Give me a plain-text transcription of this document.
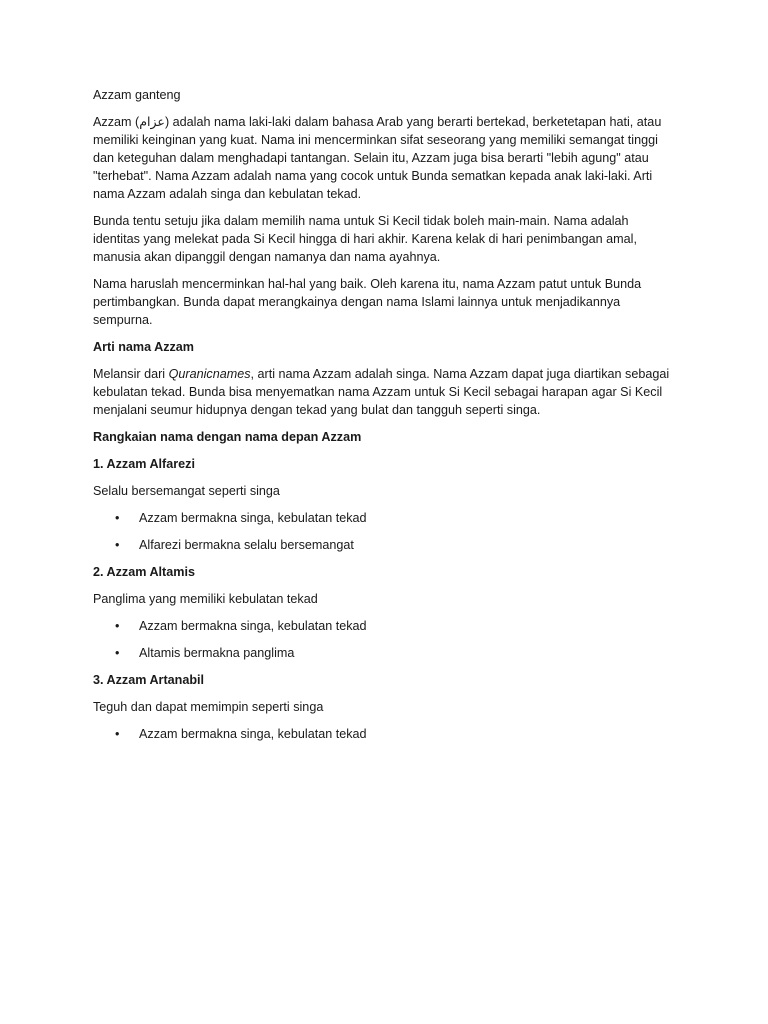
Azzam ganteng

Azzam (عزام) adalah nama laki-laki dalam bahasa Arab yang berarti bertekad, berketetapan hati, atau memiliki keinginan yang kuat. Nama ini mencerminkan sifat seseorang yang memiliki semangat tinggi dan keteguhan dalam menghadapi tantangan. Selain itu, Azzam juga bisa berarti "lebih agung" atau "terhebat". Nama Azzam adalah nama yang cocok untuk Bunda sematkan kepada anak laki-laki. Arti nama Azzam adalah singa dan kebulatan tekad.

Bunda tentu setuju jika dalam memilih nama untuk Si Kecil tidak boleh main-main. Nama adalah identitas yang melekat pada Si Kecil hingga di hari akhir. Karena kelak di hari penimbangan amal, manusia akan dipanggil dengan namanya dan nama ayahnya.

Nama haruslah mencerminkan hal-hal yang baik. Oleh karena itu, nama Azzam patut untuk Bunda pertimbangkan. Bunda dapat merangkainya dengan nama Islami lainnya untuk menjadikannya sempurna.

Arti nama Azzam

Melansir dari Quranicnames, arti nama Azzam adalah singa. Nama Azzam dapat juga diartikan sebagai kebulatan tekad. Bunda bisa menyematkan nama Azzam untuk Si Kecil sebagai harapan agar Si Kecil menjalani seumur hidupnya dengan tekad yang bulat dan tangguh seperti singa.

Rangkaian nama dengan nama depan Azzam

1. Azzam Alfarezi

Selalu bersemangat seperti singa

• Azzam bermakna singa, kebulatan tekad
• Alfarezi bermakna selalu bersemangat

2. Azzam Altamis

Panglima yang memiliki kebulatan tekad

• Azzam bermakna singa, kebulatan tekad
• Altamis bermakna panglima

3. Azzam Artanabil

Teguh dan dapat memimpin seperti singa

• Azzam bermakna singa, kebulatan tekad
